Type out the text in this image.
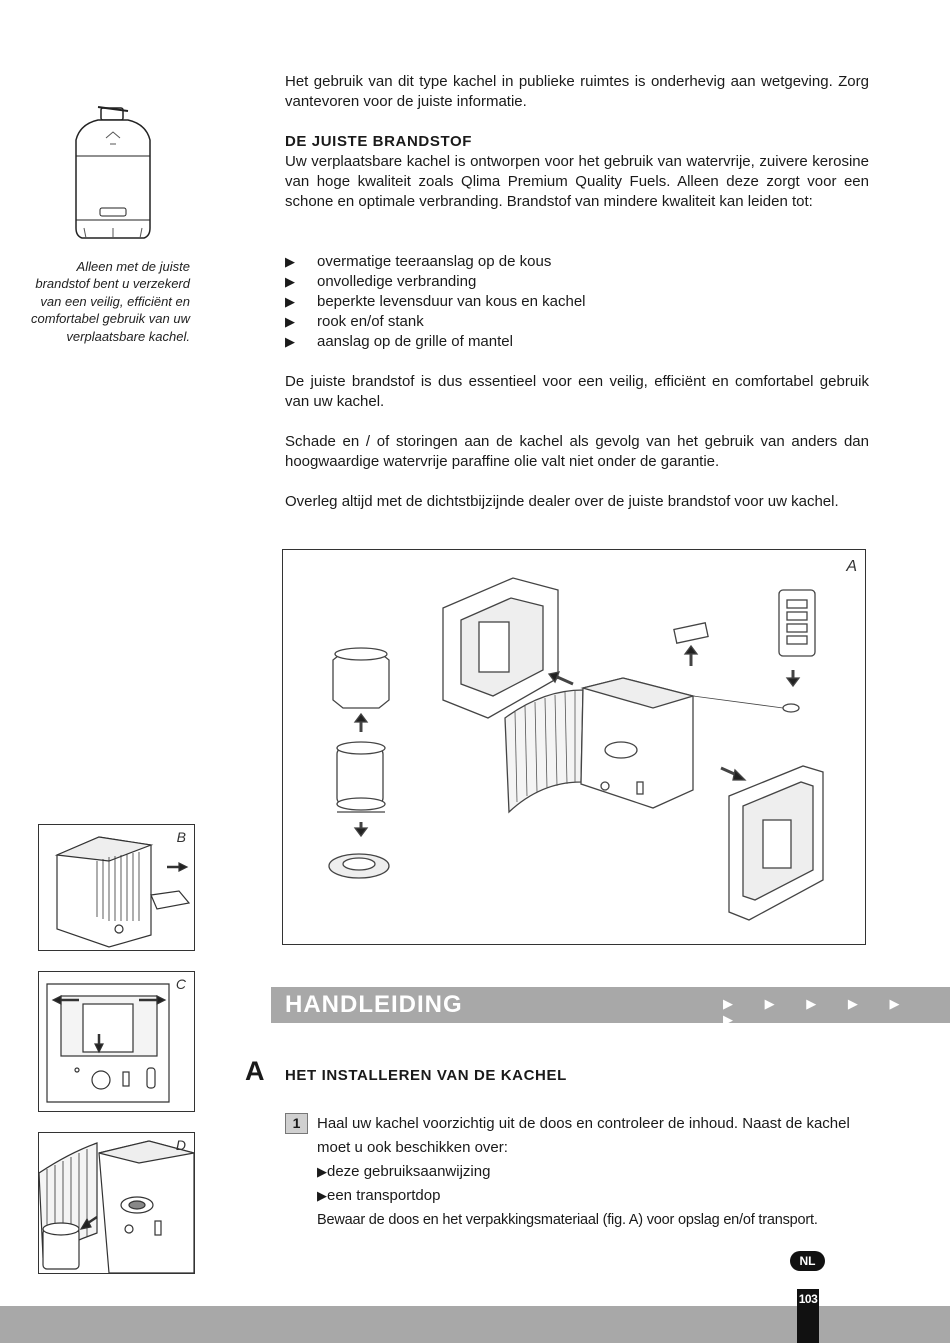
Het gebruik van dit type kachel in publieke ruimtes is onderhevig aan wetgeving. Zorg vantevoren voor de juiste informatie.
DE JUISTE BRANDSTOF
Uw verplaatsbare kachel is ontworpen voor het gebruik van watervrije, zuivere kerosine van hoge kwaliteit zoals Qlima Premium Quality Fuels. Alleen deze zorgt voor een schone en optimale verbranding. Brandstof van mindere kwaliteit kan leiden tot:
▶ overmatige teeraanslag op de kous
▶ onvolledige verbranding
▶ beperkte levensduur van kous en kachel
▶ rook en/of stank
▶ aanslag op de grille of mantel
De juiste brandstof is dus essentieel voor een veilig, efficiënt en comfortabel gebruik van uw kachel.
Schade en / of storingen aan de kachel als gevolg van het gebruik van anders dan hoogwaardige watervrije paraffine olie valt niet onder de garantie.
Overleg altijd met de dichtstbijzijnde dealer over de juiste brandstof voor uw kachel.
Alleen met de juiste brandstof bent u verzekerd van een veilig, efficiënt en comfortabel gebruik van uw verplaatsbare kachel.
A
B
C
D
HANDLEIDING	▶ ▶ ▶ ▶ ▶ ▶
A HET INSTALLEREN VAN DE KACHEL
1	Haal uw kachel voorzichtig uit de doos en controleer de inhoud. Naast de kachel moet u ook beschikken over:
▶ deze gebruiksaanwijzing
▶ een transportdop
Bewaar de doos en het verpakkingsmateriaal (fig. A) voor opslag en/of transport.
NL
103
